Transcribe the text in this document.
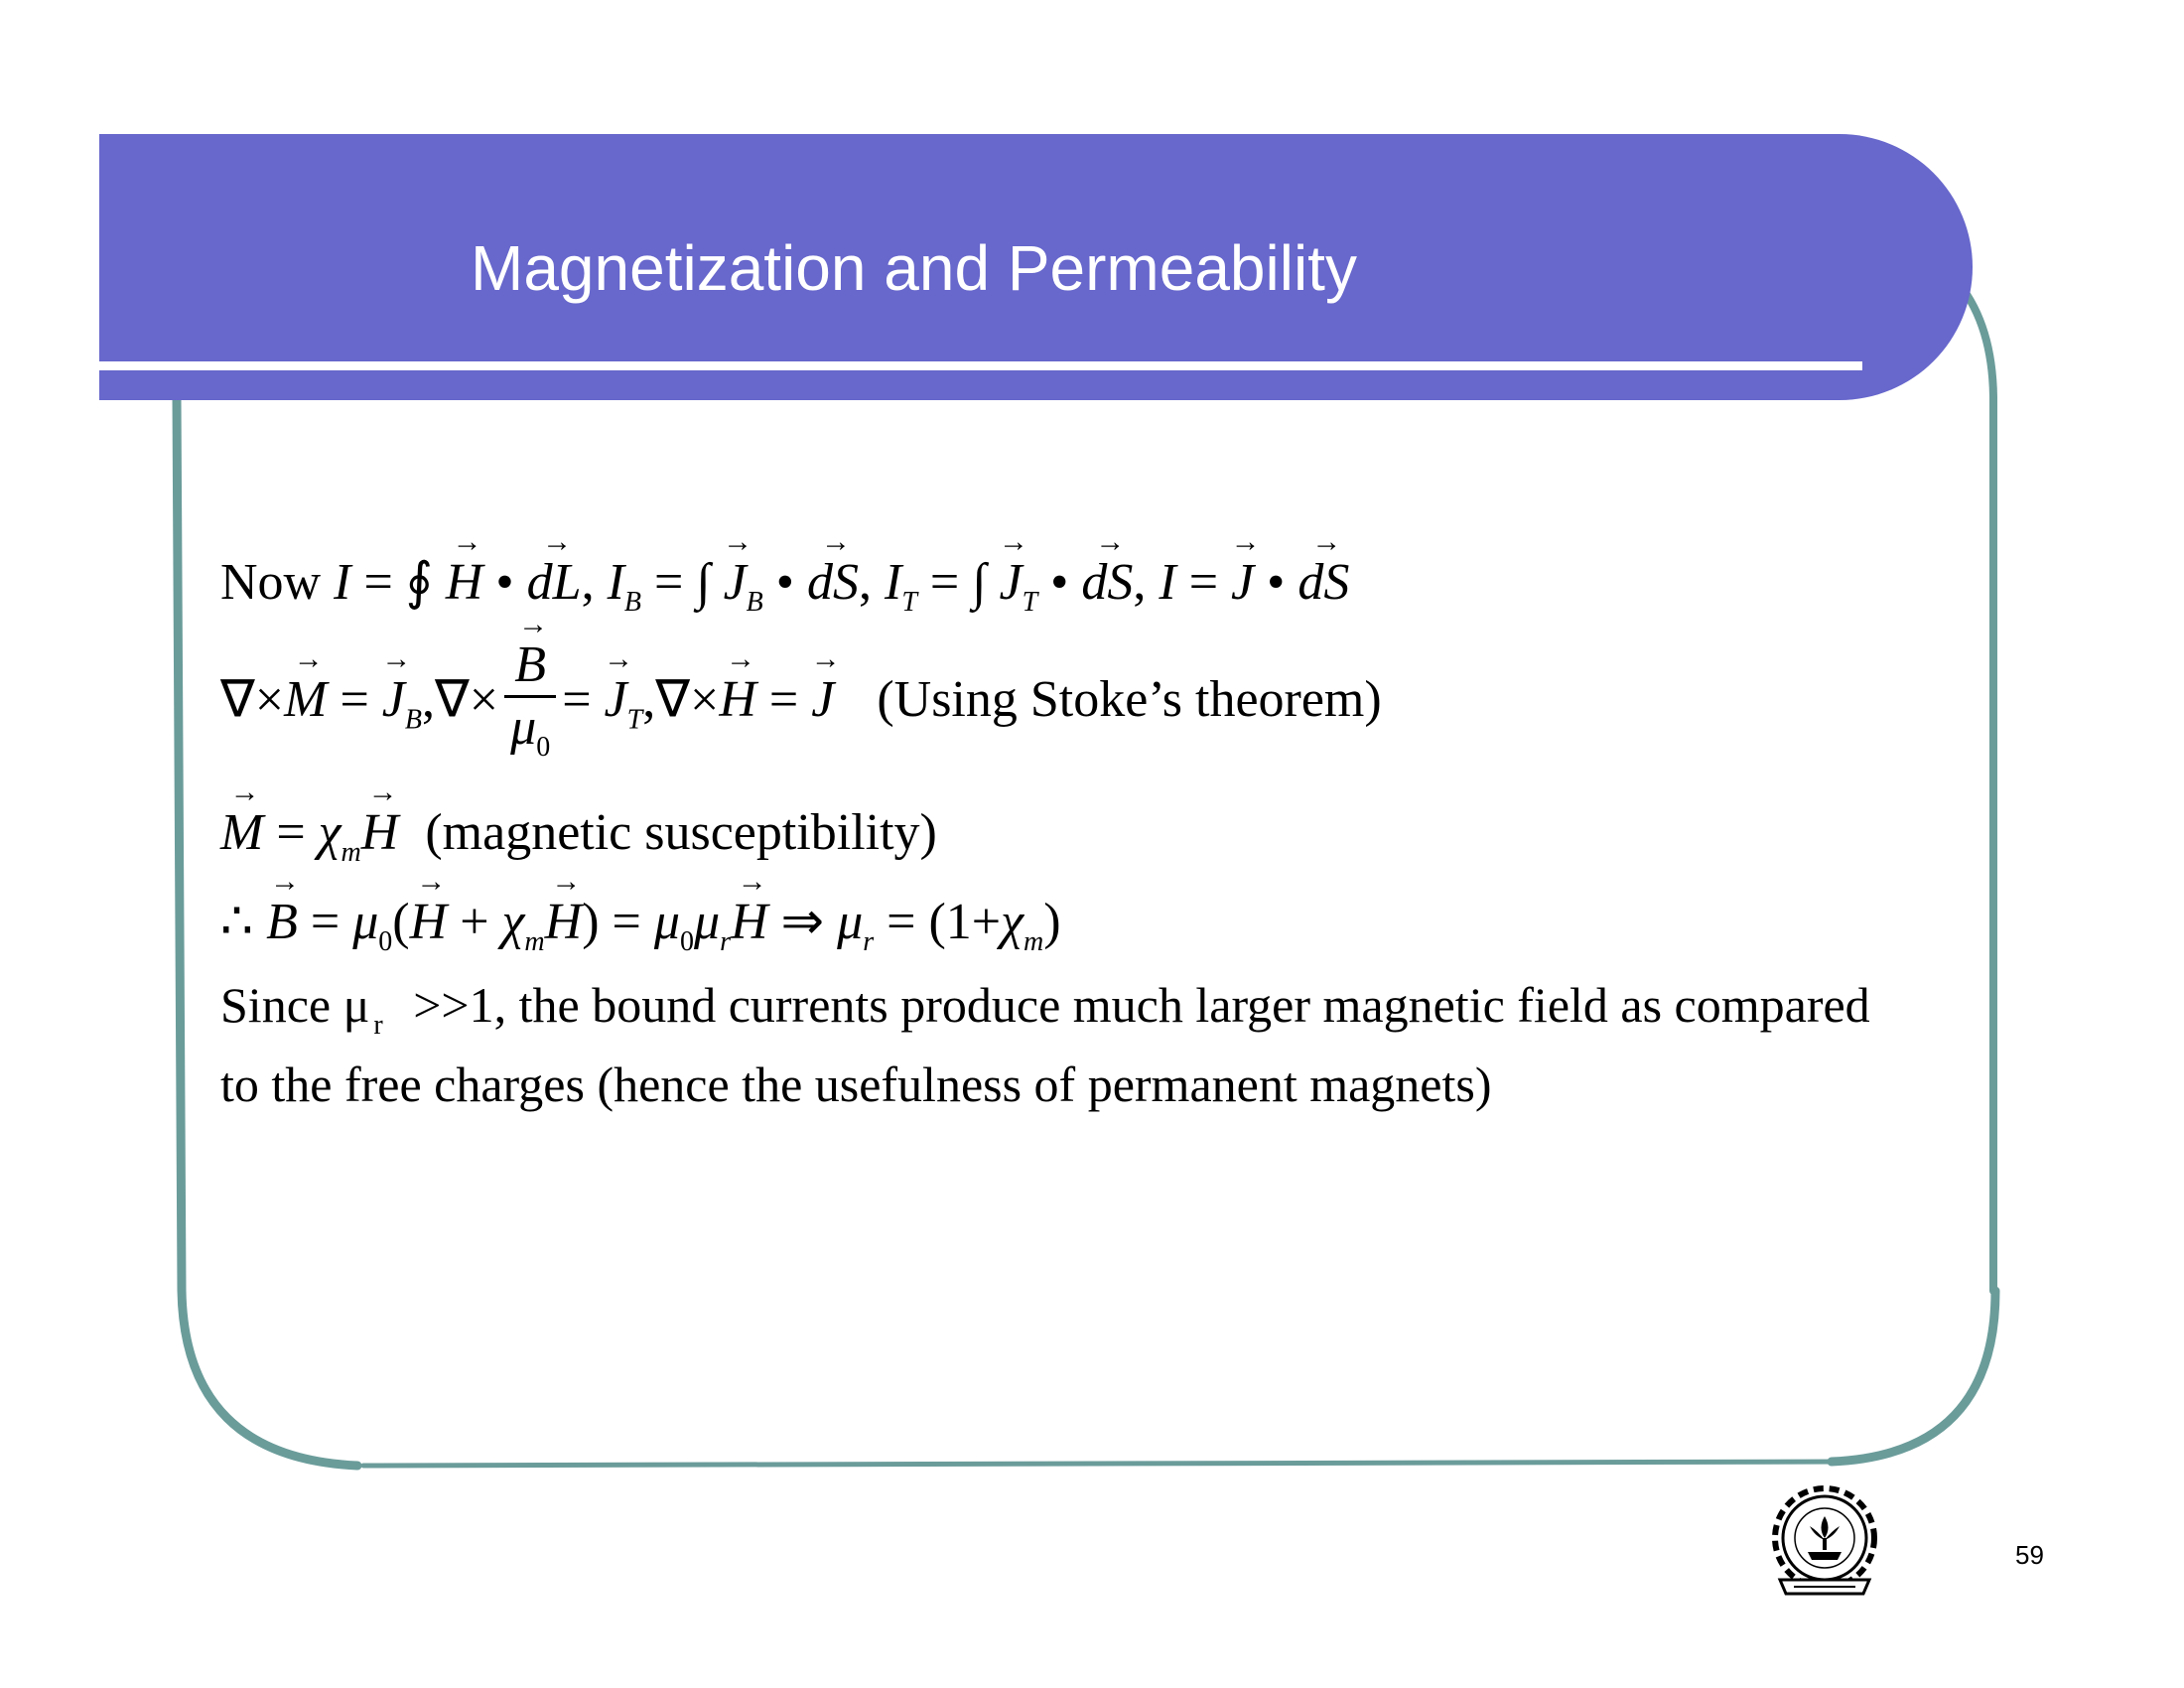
Magnetization and Permeability
Now I = ∮ → H • → dL, $I_B$ = ∫ → $J_B$ • → dS, $I_T$ = ∫ → $J_T$ • → dS, I = → J • → dS
∇×→ M = → $J_B,\nabla\times$
→ $\frac{B}{\mu_0}$ = → $J_T,\nabla\times\to H$ = → J (Using Stoke’s theorem)
→ $M = \chi_m\to H$ (magnetic susceptibility)
∴ → $B = \mu_0(\to H + \chi_m\to H) = \mu_0\mu_r\to H$ ⇒ $\mu_r = (1+\chi_m)$
Since μ $_r$ >>1, the bound currents produce much larger magnetic field as compared
to the free charges (hence the usefulness of permanent magnets)
59
